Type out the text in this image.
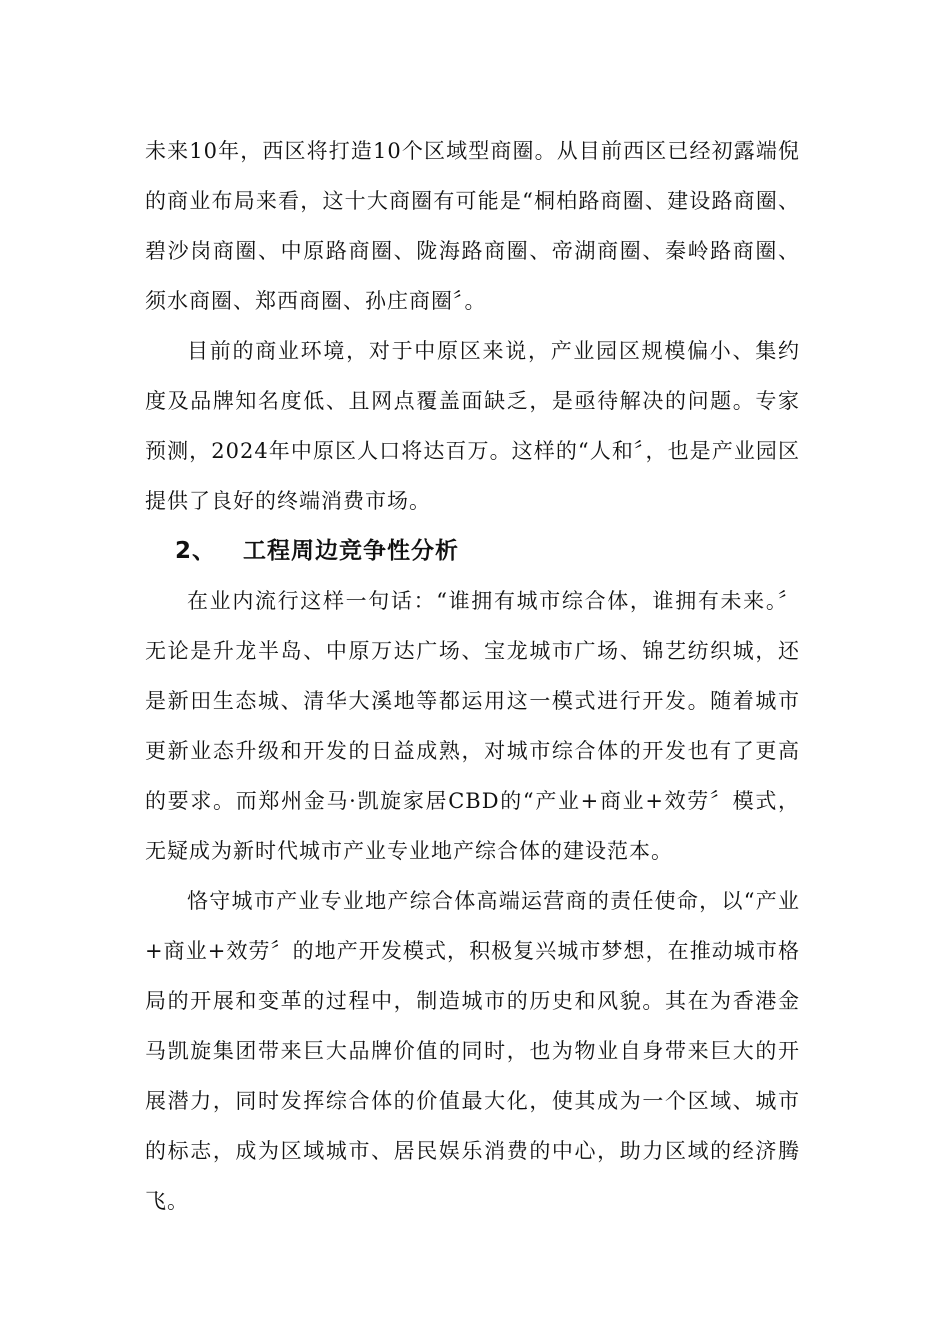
未来10年，西区将打造10个区域型商圈。从目前西区已经初露端倪的商业布局来看，这十大商圈有可能是“桐柏路商圈、建设路商圈、碧沙岗商圈、中原路商圈、陇海路商圈、帝湖商圈、秦岭路商圈、须水商圈、郑西商圈、孙庄商圈〞。

目前的商业环境，对于中原区来说，产业园区规模偏小、集约度及品牌知名度低、且网点覆盖面缺乏，是亟待解决的问题。专家预测，2024年中原区人口将达百万。这样的“人和〞，也是产业园区提供了良好的终端消费市场。

2、 工程周边竞争性分析

在业内流行这样一句话：“谁拥有城市综合体，谁拥有未来。〞无论是升龙半岛、中原万达广场、宝龙城市广场、锦艺纺织城，还是新田生态城、清华大溪地等都运用这一模式进行开发。随着城市更新业态升级和开发的日益成熟，对城市综合体的开发也有了更高的要求。而郑州金马·凯旋家居CBD的“产业+商业+效劳〞模式，无疑成为新时代城市产业专业地产综合体的建设范本。

恪守城市产业专业地产综合体高端运营商的责任使命，以“产业+商业+效劳〞的地产开发模式，积极复兴城市梦想，在推动城市格局的开展和变革的过程中，制造城市的历史和风貌。其在为香港金马凯旋集团带来巨大品牌价值的同时，也为物业自身带来巨大的开展潜力，同时发挥综合体的价值最大化，使其成为一个区域、城市的标志，成为区域城市、居民娱乐消费的中心，助力区域的经济腾飞。
